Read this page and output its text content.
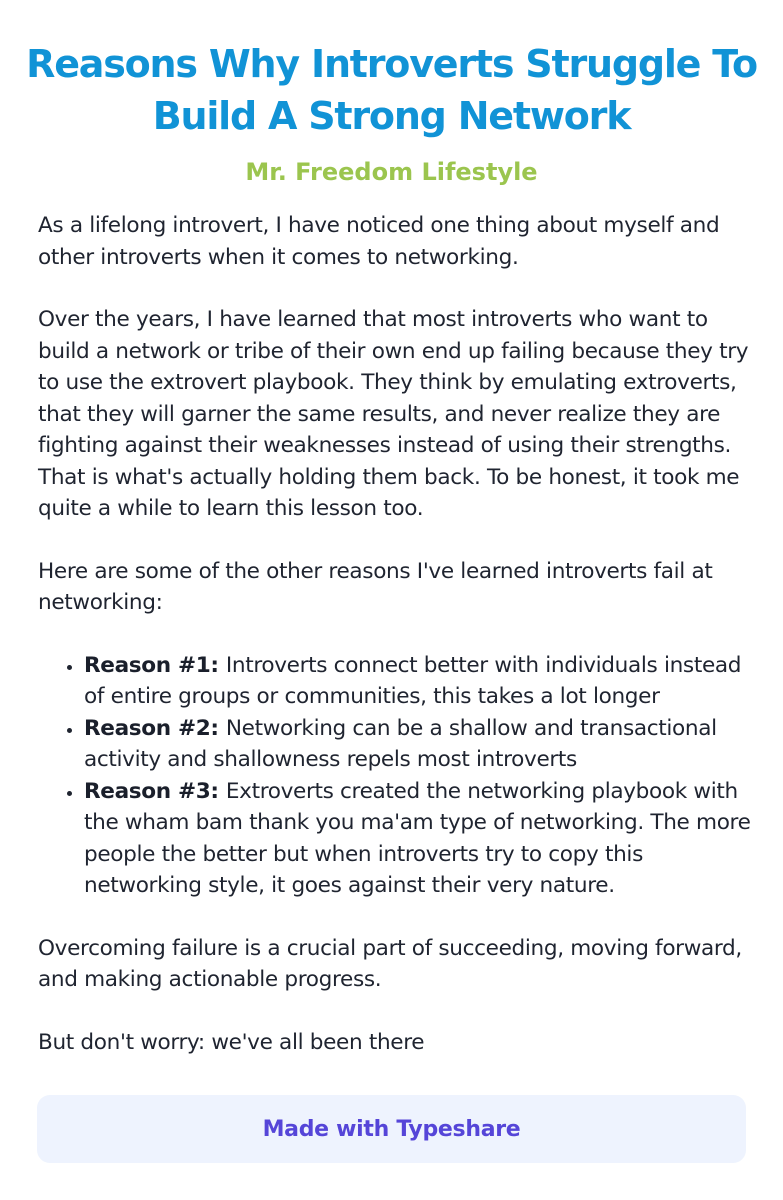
Reasons Why Introverts Struggle To Build A Strong Network
Mr. Freedom Lifestyle

As a lifelong introvert, I have noticed one thing about myself and other introverts when it comes to networking.

Over the years, I have learned that most introverts who want to build a network or tribe of their own end up failing because they try to use the extrovert playbook. They think by emulating extroverts, that they will garner the same results, and never realize they are fighting against their weaknesses instead of using their strengths. That is what's actually holding them back. To be honest, it took me quite a while to learn this lesson too.

Here are some of the other reasons I've learned introverts fail at networking:

• Reason #1: Introverts connect better with individuals instead of entire groups or communities, this takes a lot longer
• Reason #2: Networking can be a shallow and transactional activity and shallowness repels most introverts
• Reason #3: Extroverts created the networking playbook with the wham bam thank you ma'am type of networking. The more people the better but when introverts try to copy this networking style, it goes against their very nature.

Overcoming failure is a crucial part of succeeding, moving forward, and making actionable progress.

But don't worry: we've all been there

Made with Typeshare
